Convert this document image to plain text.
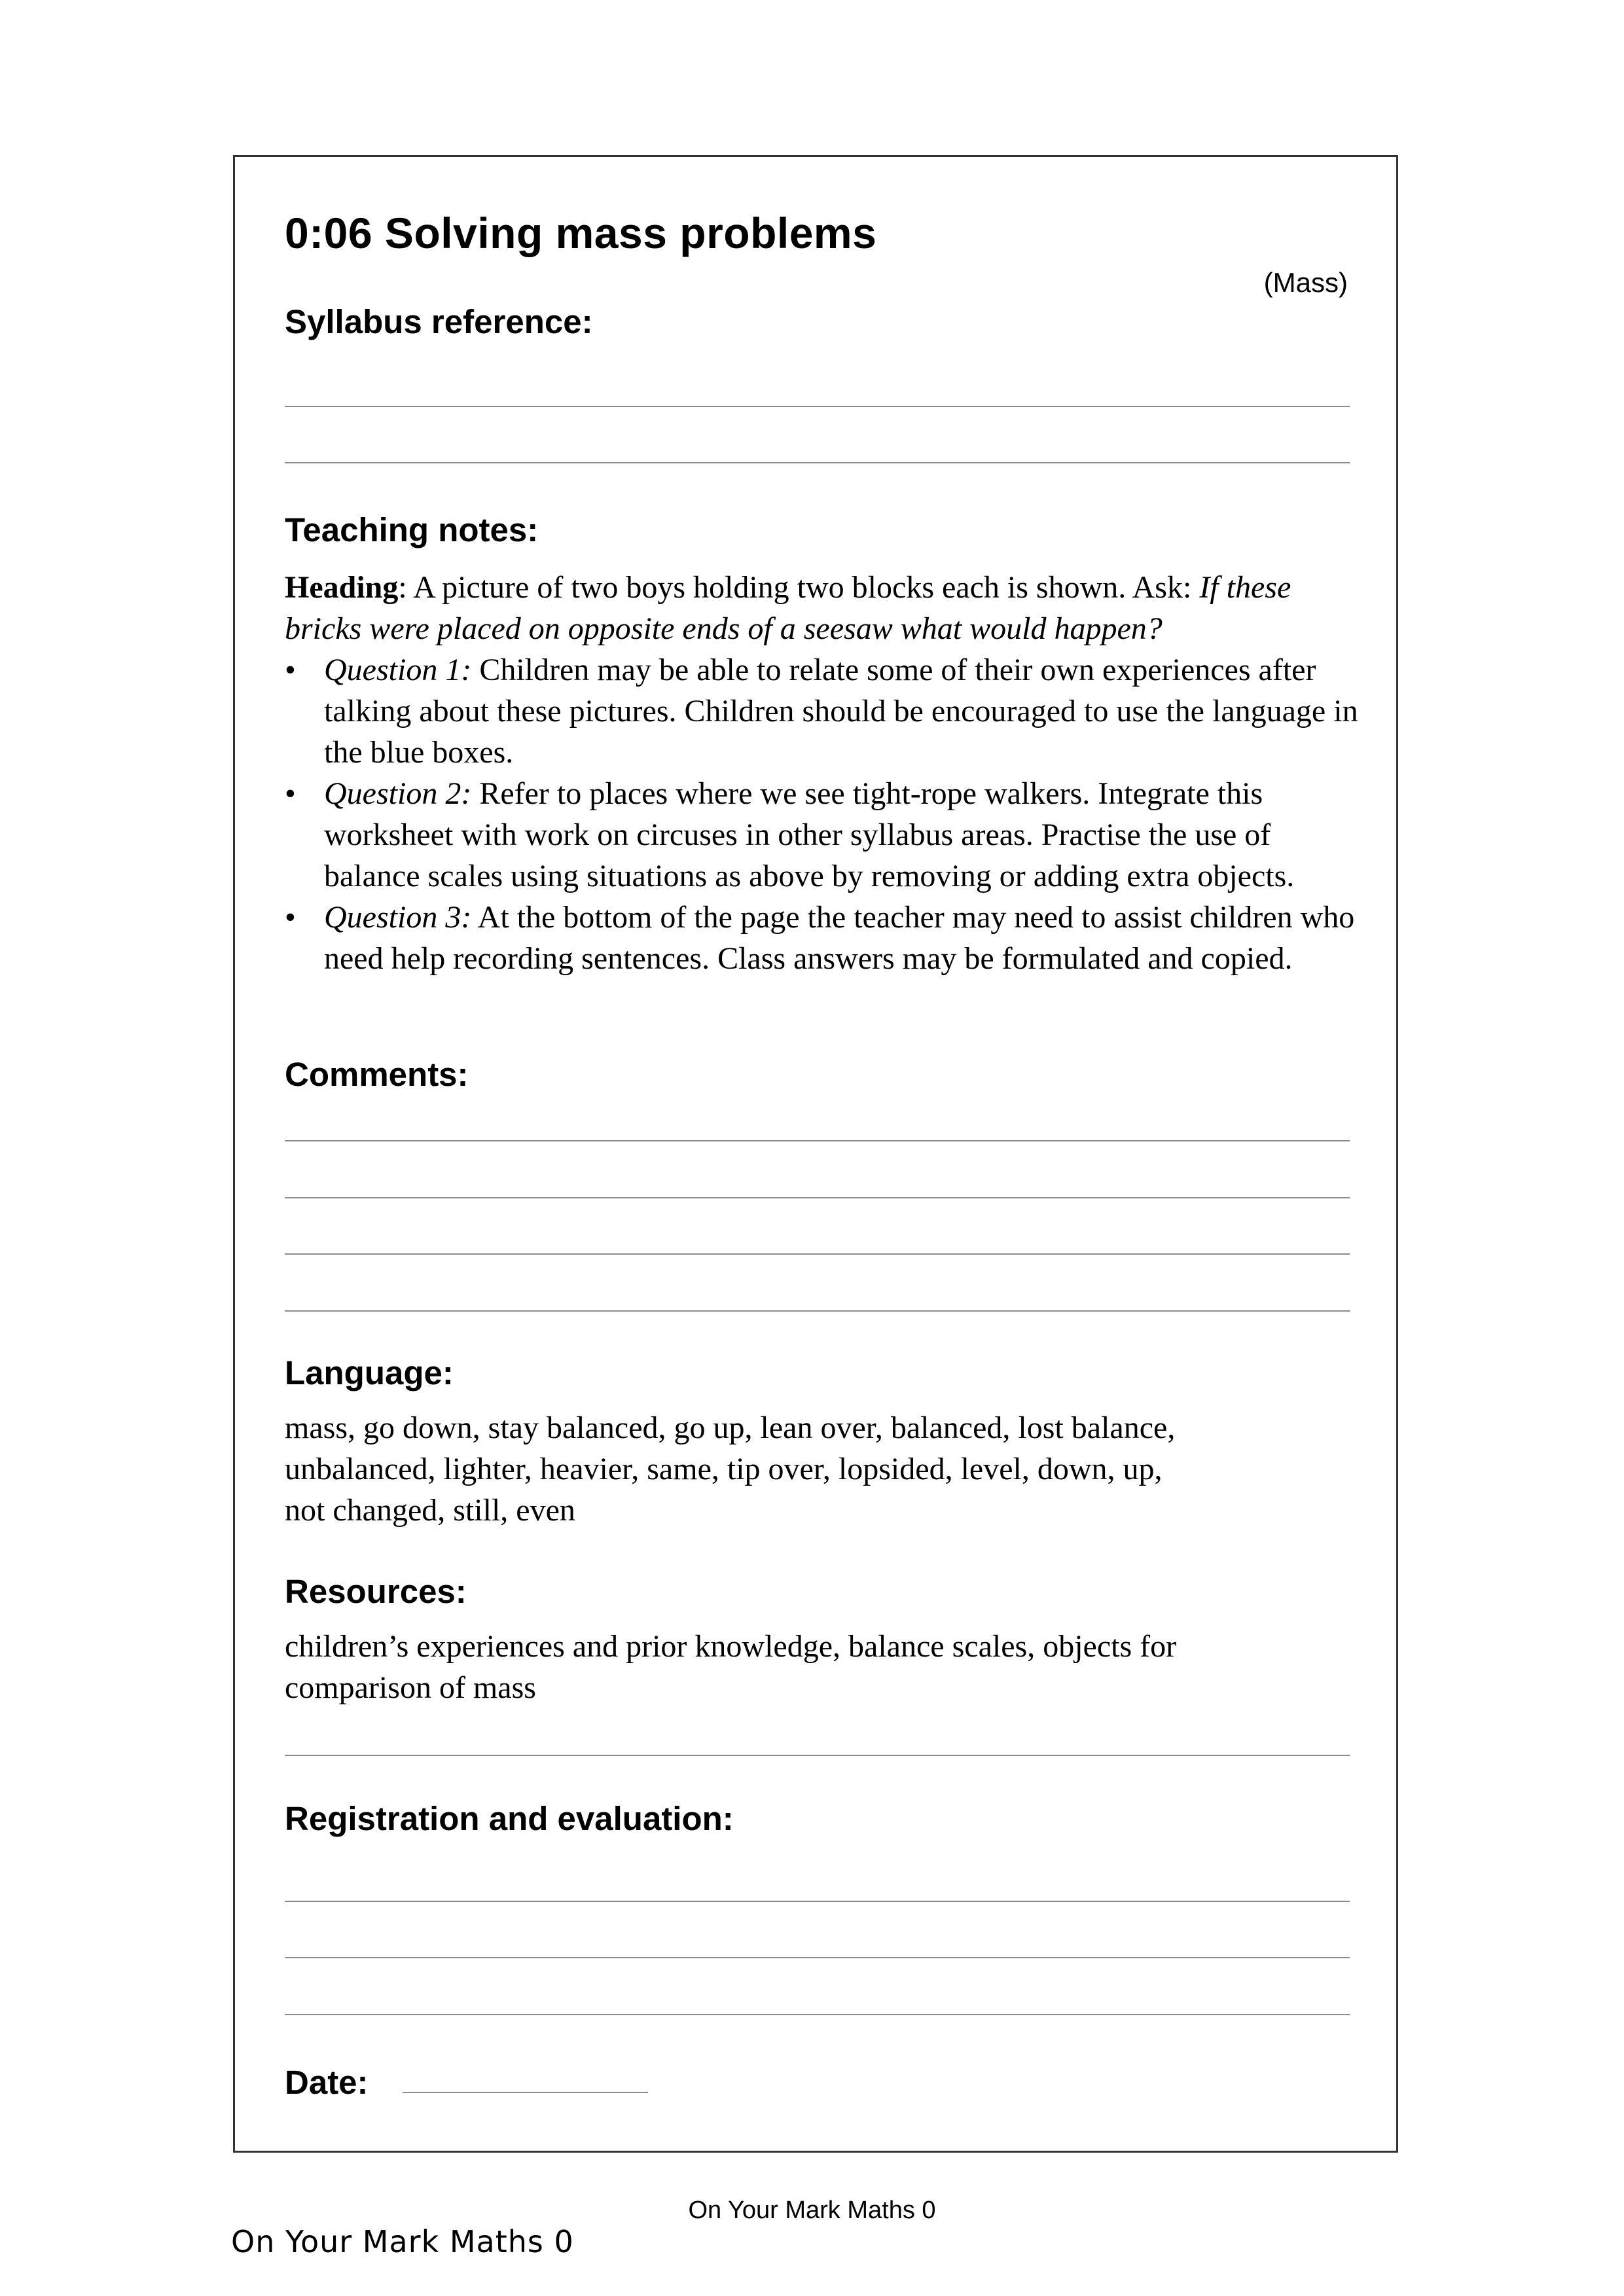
0:06 Solving mass problems
(Mass)
Syllabus reference:
Teaching notes:
Heading: A picture of two boys holding two blocks each is shown. Ask: If these bricks were placed on opposite ends of a seesaw what would happen?
• Question 1: Children may be able to relate some of their own experiences after talking about these pictures. Children should be encouraged to use the language in the blue boxes.
• Question 2: Refer to places where we see tight-rope walkers. Integrate this worksheet with work on circuses in other syllabus areas. Practise the use of balance scales using situations as above by removing or adding extra objects.
• Question 3: At the bottom of the page the teacher may need to assist children who need help recording sentences. Class answers may be formulated and copied.
Comments:
Language:
mass, go down, stay balanced, go up, lean over, balanced, lost balance,
unbalanced, lighter, heavier, same, tip over, lopsided, level, down, up,
not changed, still, even
Resources:
children’s experiences and prior knowledge, balance scales, objects for
comparison of mass
Registration and evaluation:
Date:
On Your Mark Maths 0
On Your Mark Maths 0
